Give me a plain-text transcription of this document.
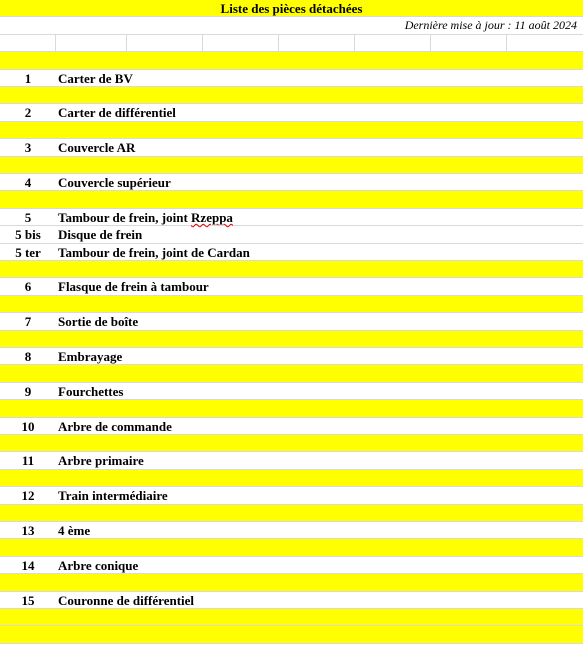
Liste des pièces détachées
Dernière mise à jour : 11 août 2024
1	Carter de BV
2	Carter de différentiel
3	Couvercle AR
4	Couvercle supérieur
5	Tambour de frein, joint Rzeppa
5 bis	Disque de frein
5 ter	Tambour de frein, joint de Cardan
6	Flasque de frein à tambour
7	Sortie de boîte
8	Embrayage
9	Fourchettes
10	Arbre de commande
11	Arbre primaire
12	Train intermédiaire
13	4 ème
14	Arbre conique
15	Couronne de différentiel
